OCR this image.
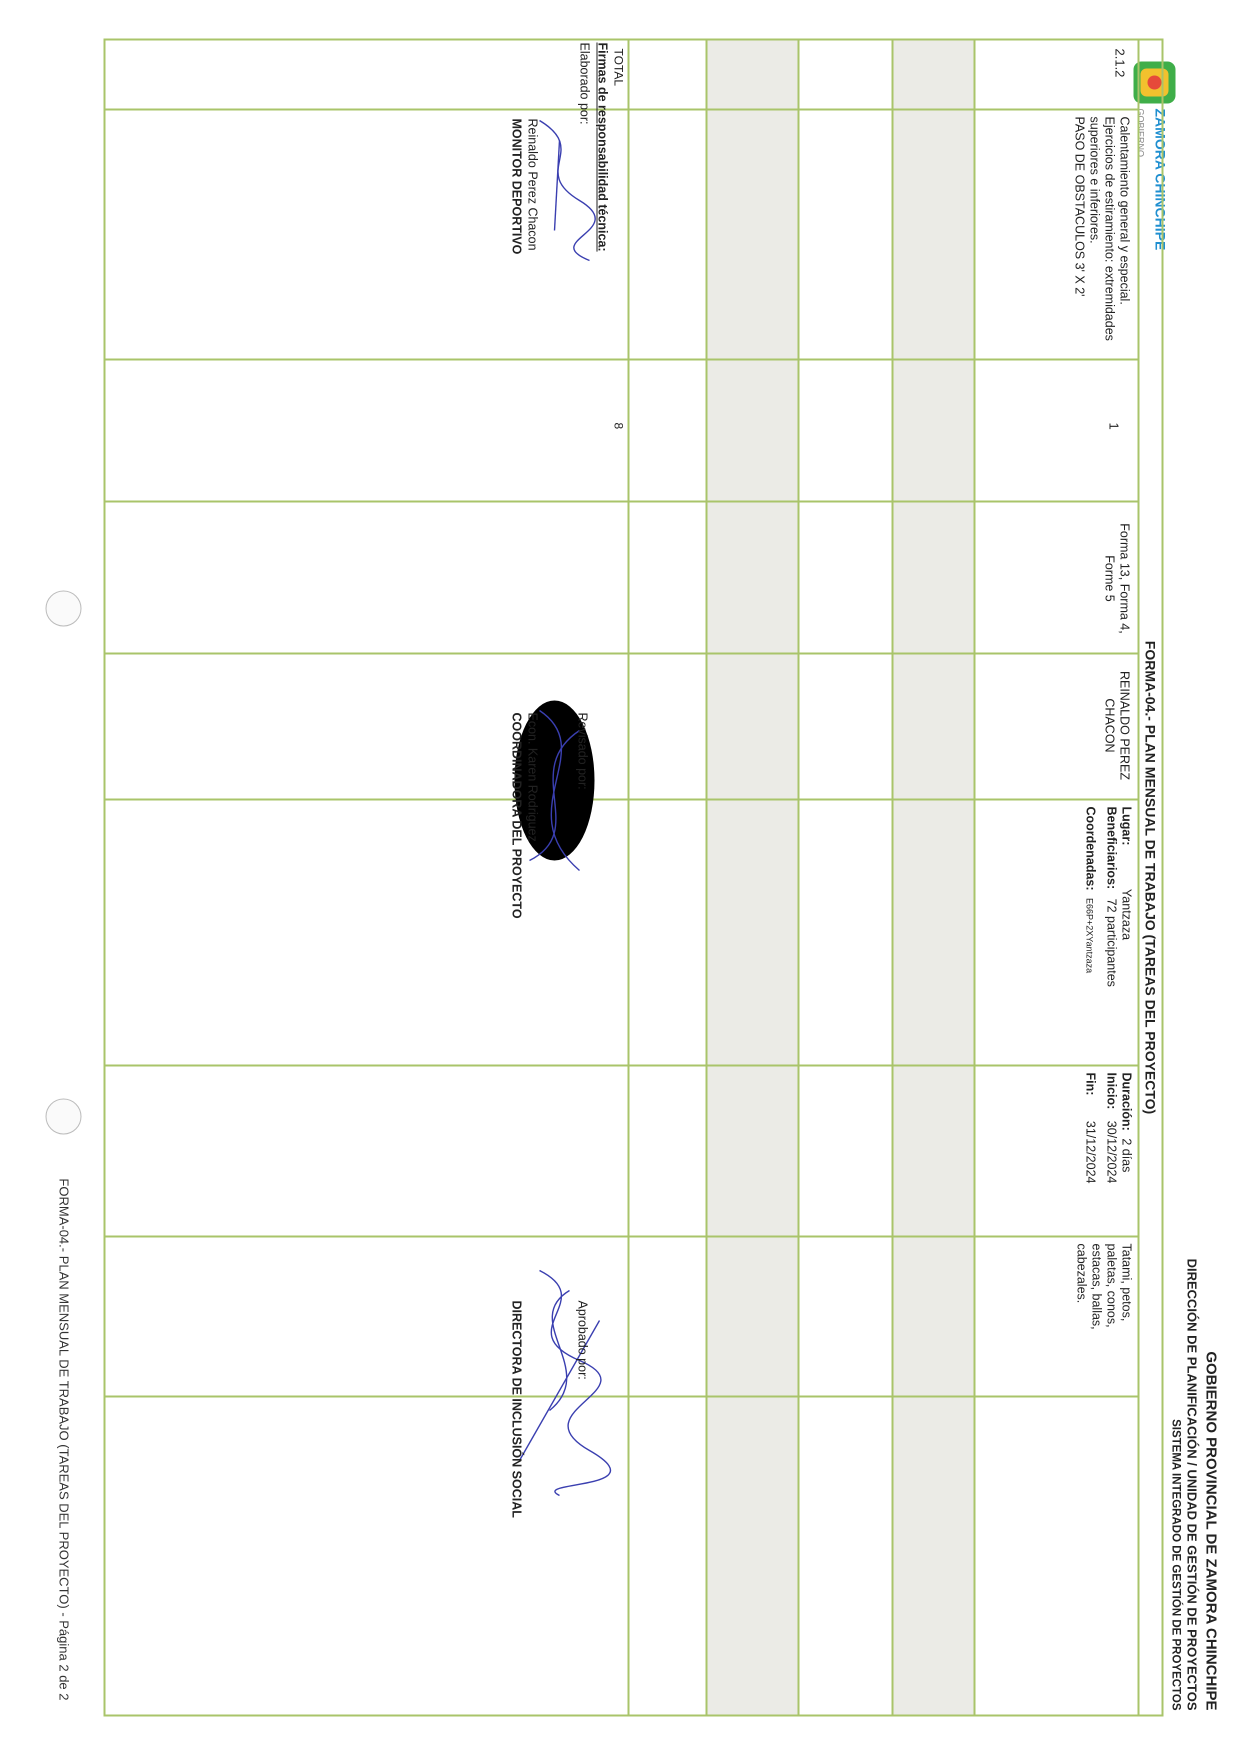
ZAMORA CHINCHIPE
GOBIERNO
GOBIERNO PROVINCIAL DE ZAMORA CHINCHIPE
DIRECCIÓN DE PLANIFICACIÓN / UNIDAD DE GESTIÓN DE PROYECTOS
SISTEMA INTEGRADO DE GESTIÓN DE PROYECTOS
FORMA-04.- PLAN MENSUAL DE TRABAJO (TAREAS DEL PROYECTO)
2.1.2
Calentamiento general y especial.
Ejercicios de estiramiento: extremidades
superiores e inferiores.
PASO DE OBSTACULOS 3' X 2'
1
Forma 13, Forma 4, Forme 5
REINALDO PEREZ CHACON
Lugar: Yantzaza
Beneficiarios: 72 participantes
Coordenadas: E66P+2XYantzaza
Duración: 2 días
Inicio: 30/12/2024
Fin: 31/12/2024
Tatami, petos, paletas, conos, estacas, ballas, cabezales.
TOTAL
8
Firmas de responsabilidad técnica:
Elaborado por:
Reinaldo Perez Chacon
MONITOR DEPORTIVO
Revisado por:
Econ. Karen Rodriguez
COORDINADORA DEL PROYECTO
Aprobado por:
DIRECTORA DE INCLUSIÓN SOCIAL
FORMA-04.- PLAN MENSUAL DE TRABAJO (TAREAS DEL PROYECTO) - Página 2 de 2
